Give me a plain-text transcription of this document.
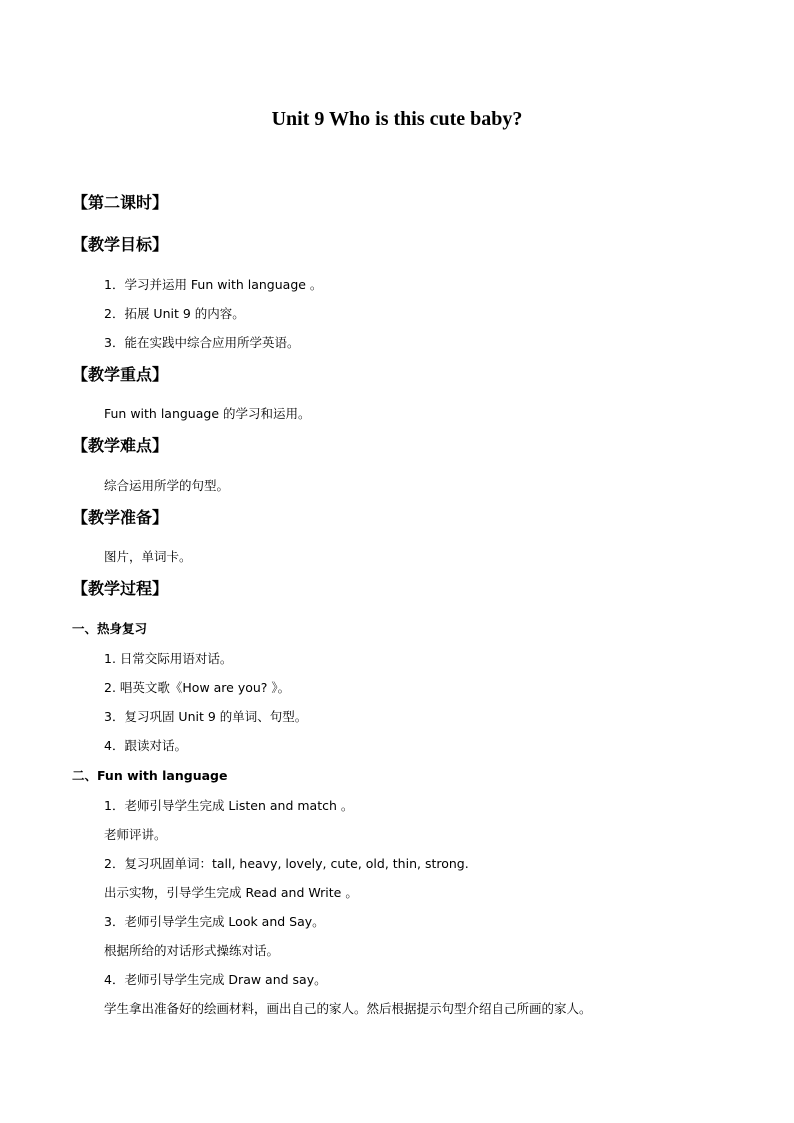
Unit 9 Who is this cute baby?
【第二课时】
【教学目标】
1．学习并运用 Fun with language 。
2．拓展 Unit 9 的内容。
3．能在实践中综合应用所学英语。
【教学重点】
Fun with language 的学习和运用。
【教学难点】
综合运用所学的句型。
【教学准备】
图片，单词卡。
【教学过程】
一、热身复习
1. 日常交际用语对话。
2. 唱英文歌《How are you? 》。
3．复习巩固 Unit 9 的单词、句型。
4．跟读对话。
二、Fun with language
1．老师引导学生完成 Listen and match 。
老师评讲。
2．复习巩固单词：tall, heavy, lovely, cute, old, thin, strong.
出示实物，引导学生完成 Read and Write 。
3．老师引导学生完成 Look and Say。
根据所给的对话形式操练对话。
4．老师引导学生完成 Draw and say。
学生拿出准备好的绘画材料，画出自己的家人。然后根据提示句型介绍自己所画的家人。
